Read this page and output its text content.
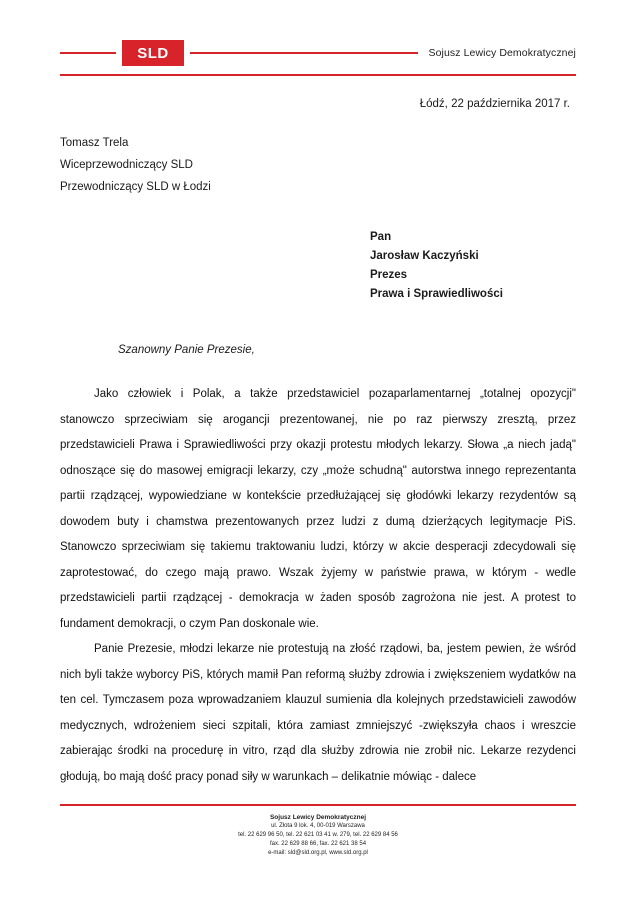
SLD	Sojusz Lewicy Demokratycznej
Łódź, 22 października 2017 r.
Tomasz Trela
Wiceprzewodniczący SLD
Przewodniczący SLD w Łodzi
Pan
Jarosław Kaczyński
Prezes
Prawa i Sprawiedliwości
Szanowny Panie Prezesie,

Jako człowiek i Polak, a także przedstawiciel pozaparlamentarnej „totalnej opozycji" stanowczo sprzeciwiam się arogancji prezentowanej, nie po raz pierwszy zresztą, przez przedstawicieli Prawa i Sprawiedliwości przy okazji protestu młodych lekarzy. Słowa „a niech jadą" odnoszące się do masowej emigracji lekarzy, czy „może schudną" autorstwa innego reprezentanta partii rządzącej, wypowiedziane w kontekście przedłużającej się głodówki lekarzy rezydentów są dowodem buty i chamstwa prezentowanych przez ludzi z dumą dzierżących legitymacje PiS. Stanowczo sprzeciwiam się takiemu traktowaniu ludzi, którzy w akcie desperacji zdecydowali się zaprotestować, do czego mają prawo. Wszak żyjemy w państwie prawa, w którym - wedle przedstawicieli partii rządzącej - demokracja w żaden sposób zagrożona nie jest. A protest to fundament demokracji, o czym Pan doskonale wie.

Panie Prezesie, młodzi lekarze nie protestują na złość rządowi, ba, jestem pewien, że wśród nich byli także wyborcy PiS, których mamił Pan reformą służby zdrowia i zwiększeniem wydatków na ten cel. Tymczasem poza wprowadzaniem klauzul sumienia dla kolejnych przedstawicieli zawodów medycznych, wdrożeniem sieci szpitali, która zamiast zmniejszyć -zwiększyła chaos i wreszcie zabierając środki na procedurę in vitro, rząd dla służby zdrowia nie zrobił nic. Lekarze rezydenci głodują, bo mają dość pracy ponad siły w warunkach – delikatnie mówiąc - dalece

Sojusz Lewicy Demokratycznej
ul. Złota 9 lok. 4, 00-019 Warszawa
tel. 22 629 96 50, tel. 22 621 03 41 w. 279, tel. 22 629 84 56
fax. 22 629 88 66, fax. 22 621 38 54
e-mail: sld@sld.org.pl, www.sld.org.pl
